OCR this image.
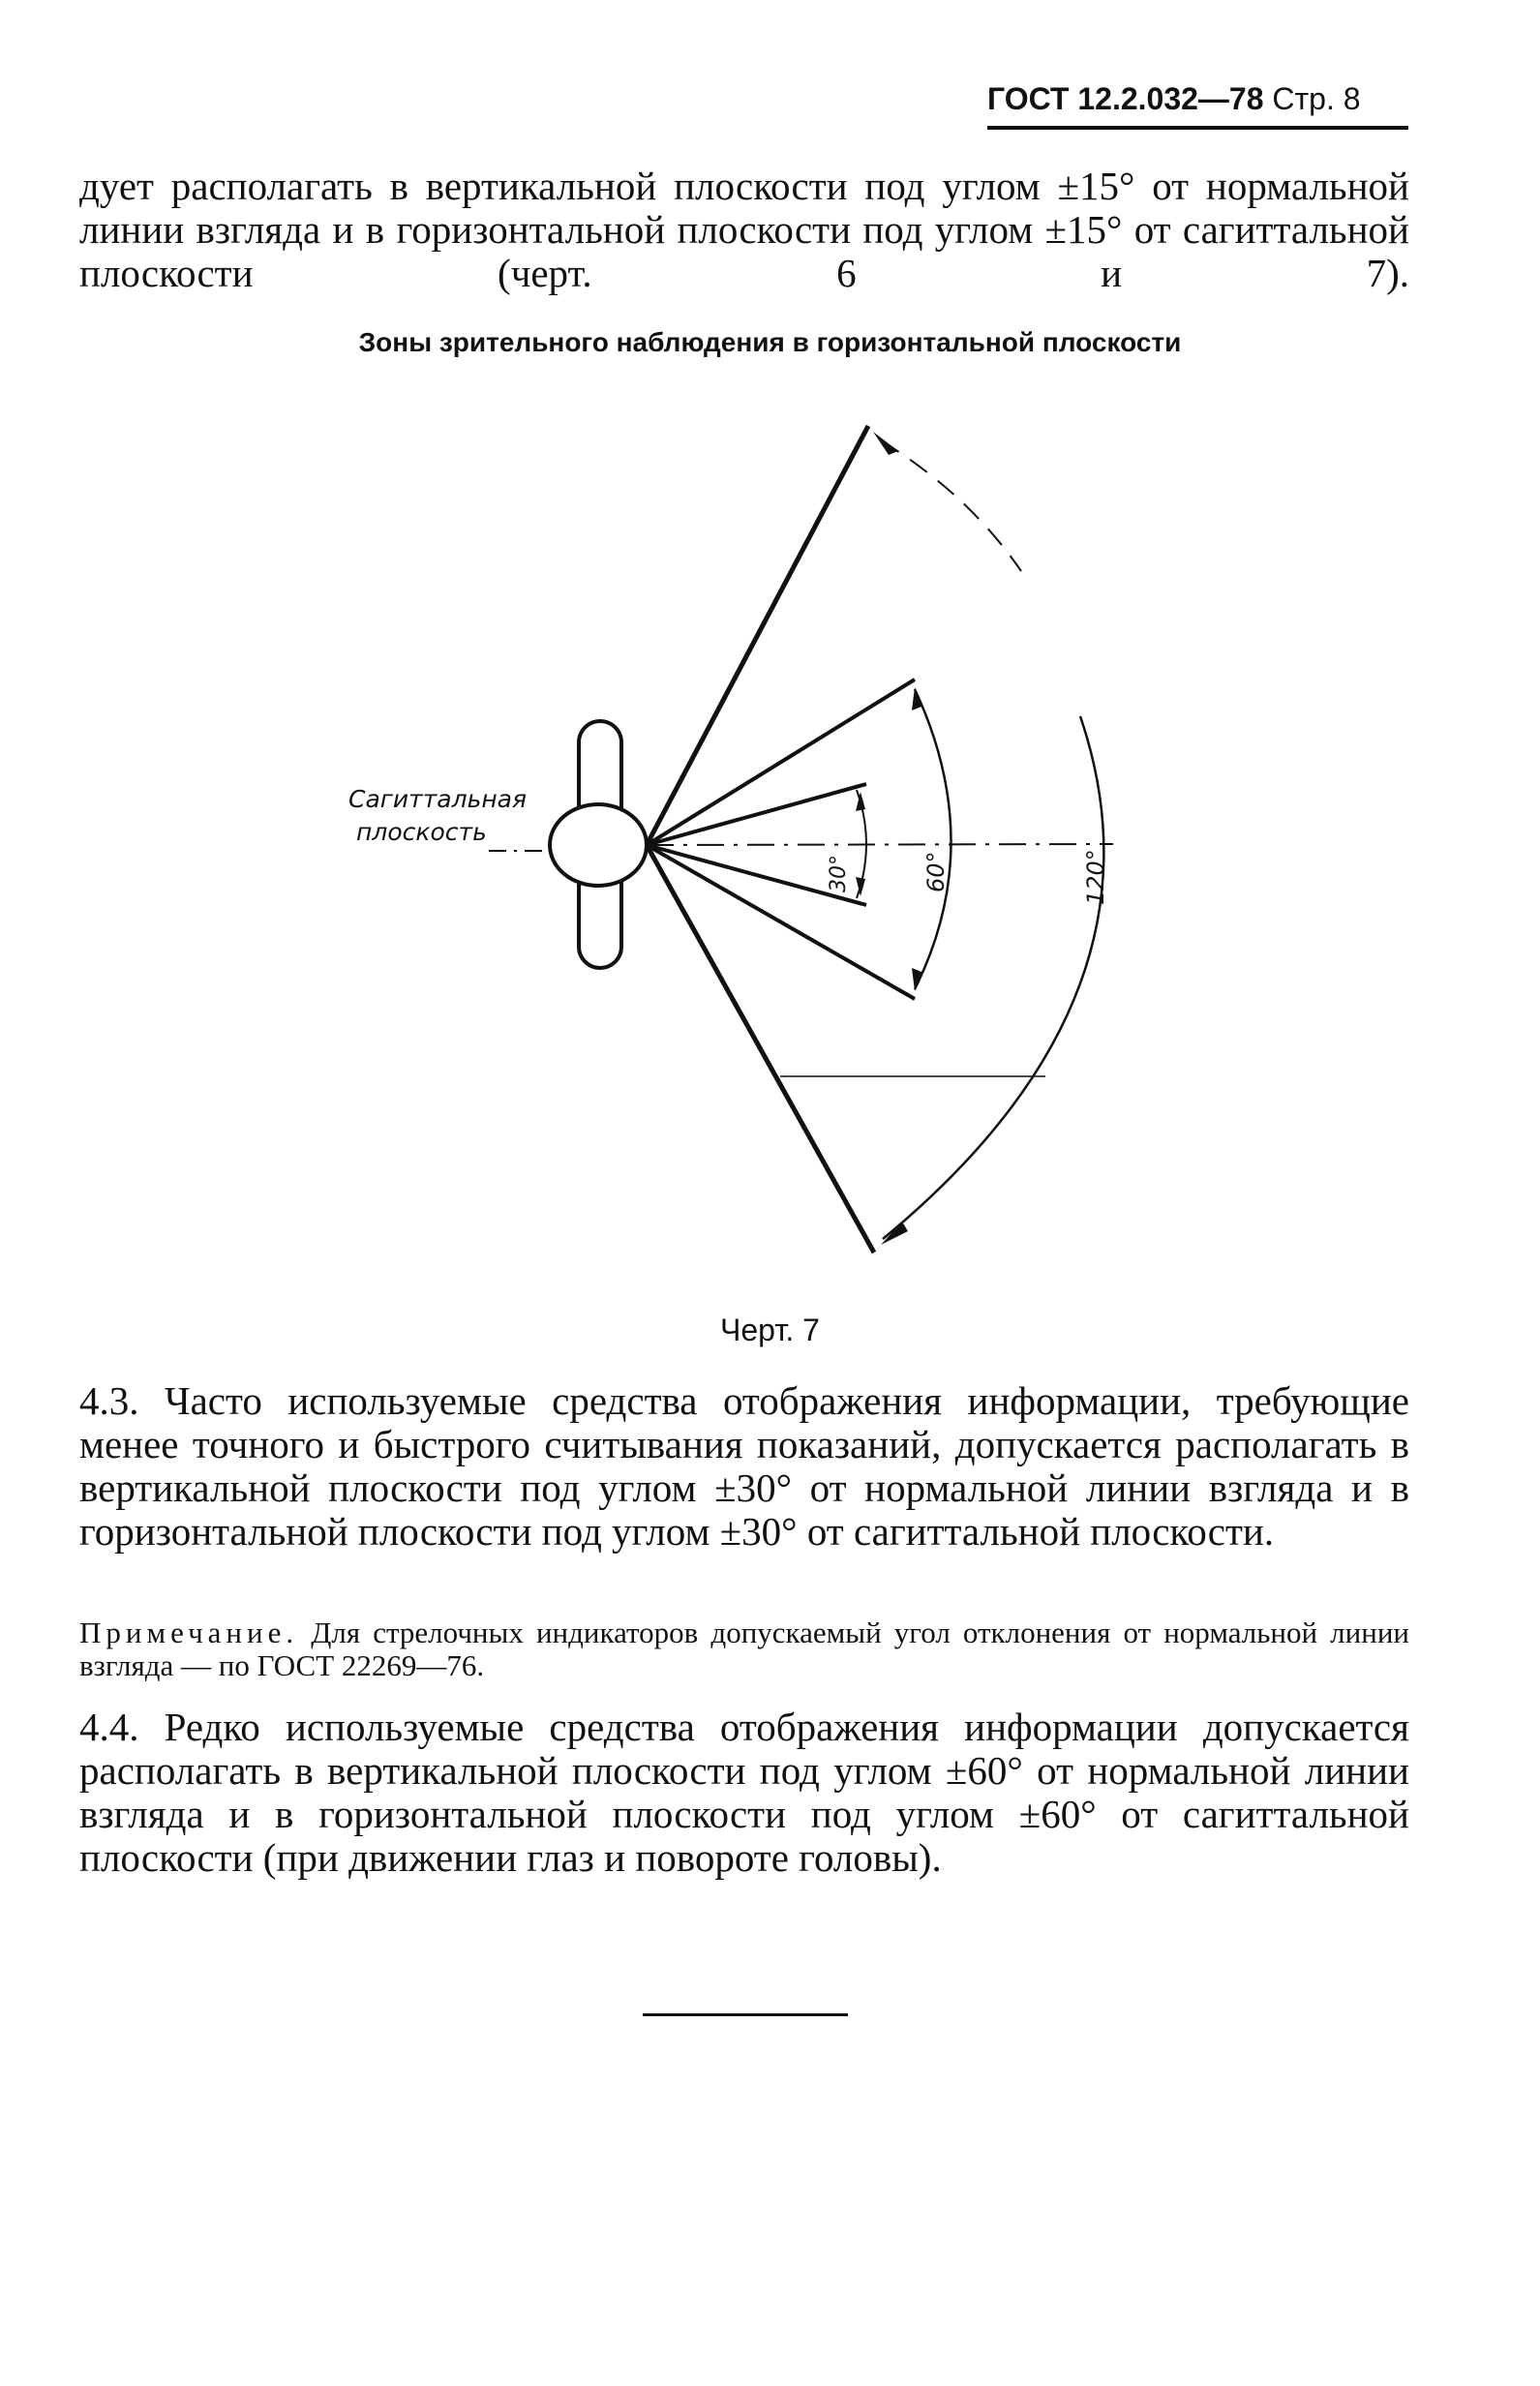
ГОСТ 12.2.032—78 Стр. 8
дует располагать в вертикальной плоскости под углом ±15° от нормальной линии взгляда и в горизонтальной плоскости под углом ±15° от сагиттальной плоскости (черт. 6 и 7).
Зоны зрительного наблюдения в горизонтальной плоскости
Сагиттальная
плоскость
30°	60°	120°
Черт. 7
4.3. Часто используемые средства отображения информации, требующие менее точного и быстрого считывания показаний, допускается располагать в вертикальной плоскости под углом ±30° от нормальной линии взгляда и в горизонтальной плоскости под углом ±30° от сагиттальной плоскости.
Примечание. Для стрелочных индикаторов допускаемый угол отклонения от нормальной линии взгляда — по ГОСТ 22269—76.
4.4. Редко используемые средства отображения информации допускается располагать в вертикальной плоскости под углом ±60° от нормальной линии взгляда и в горизонтальной плоскости под углом ±60° от сагиттальной плоскости (при движении глаз и повороте головы).
